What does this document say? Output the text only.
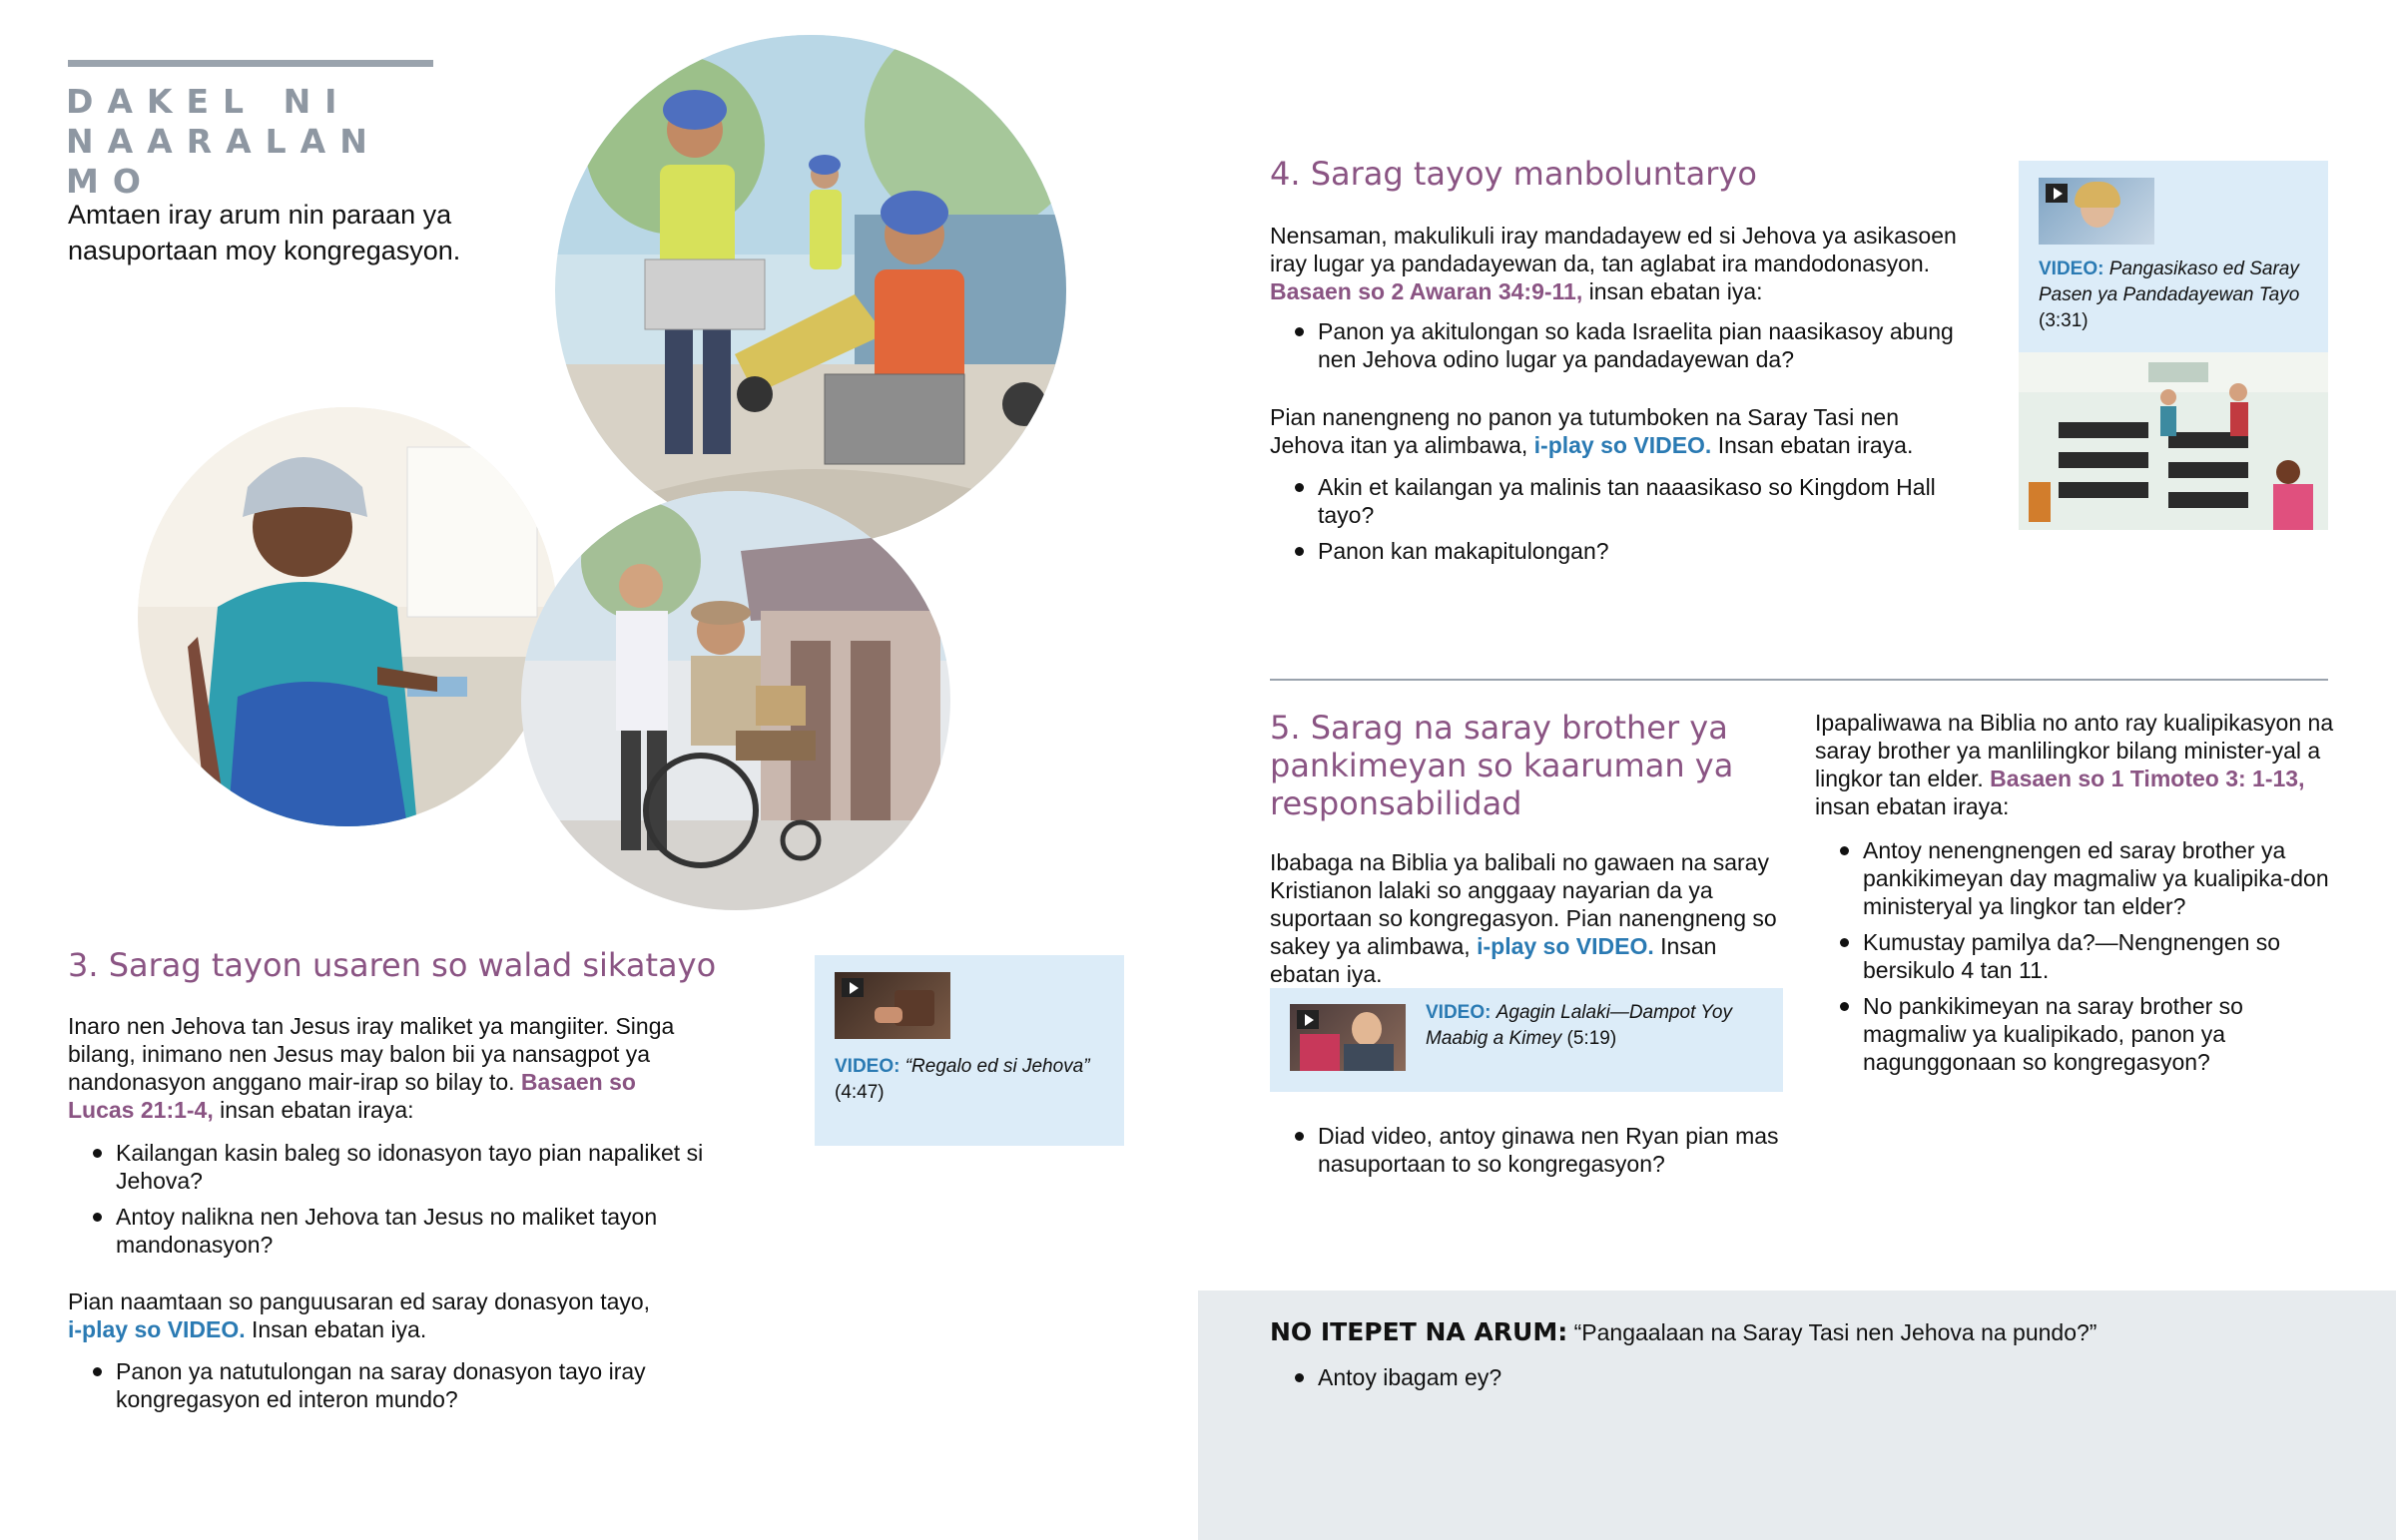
DAKEL NI
NAARALAN MO

Amtaen iray arum nin paraan ya nasuportaan moy kongregasyon.

3. Sarag tayon usaren so walad sikatayo

Inaro nen Jehova tan Jesus iray maliket ya mangiiter. Singa bilang, inimano nen Jesus may balon bii ya nansagpot ya nandonasyon anggano mair-irap so bilay to. Basaen so Lucas 21:1-4, insan ebatan iraya:

Kailangan kasin baleg so idonasyon tayo pian napaliket si Jehova?
Antoy nalikna nen Jehova tan Jesus no maliket tayon mandonasyon?

Pian naamtaan so panguusaran ed saray donasyon tayo,
i-play so VIDEO. Insan ebatan iya.

Panon ya natutulongan na saray donasyon tayo iray kongregasyon ed interon mundo?
VIDEO: “Regalo ed si Jehova”
(4:47)
4. Sarag tayoy manboluntaryo

Nensaman, makulikuli iray mandadayew ed si Jehova ya asikasoen iray lugar ya pandadayewan da, tan aglabat ira mandodonasyon. Basaen so 2 Awaran 34:9-11, insan ebatan iya:

Panon ya akitulongan so kada Israelita pian naasikasoy abung nen Jehova odino lugar ya pandadayewan da?

Pian nanengneng no panon ya tutumboken na Saray Tasi nen Jehova itan ya alimbawa, i-play so VIDEO. Insan ebatan iraya.

Akin et kailangan ya malinis tan naaasikaso so Kingdom Hall tayo?
Panon kan makapitulongan?
VIDEO: Pangasikaso ed Saray Pasen ya Pandadayewan Tayo
(3:31)
5. Sarag na saray brother ya pankimeyan so kaaruman ya responsabilidad

Ibabaga na Biblia ya balibali no gawaen na saray Kristianon lalaki so anggaay nayarian da ya suportaan so kongregasyon. Pian nanengneng so sakey ya alimbawa, i-play so VIDEO. Insan ebatan iya.

VIDEO: Agagin Lalaki—Dampot Yoy Maabig a Kimey (5:19)
Diad video, antoy ginawa nen Ryan pian mas nasuportaan to so kongregasyon?

Ipapaliwawa na Biblia no anto ray kualipikasyon na saray brother ya manlilingkor bilang minister-yal a lingkor tan elder. Basaen so 1 Timoteo 3: 1-13, insan ebatan iraya:

Antoy nenengnengen ed saray brother ya pankikimeyan day magmaliw ya kualipika-don ministeryal ya lingkor tan elder?
Kumustay pamilya da?—Nengnengen so bersikulo 4 tan 11.
No pankikimeyan na saray brother so magmaliw ya kualipikado, panon ya nagunggonaan so kongregasyon?

NO ITEPET NA ARUM: “Pangaalaan na Saray Tasi nen Jehova na pundo?”

Antoy ibagam ey?
